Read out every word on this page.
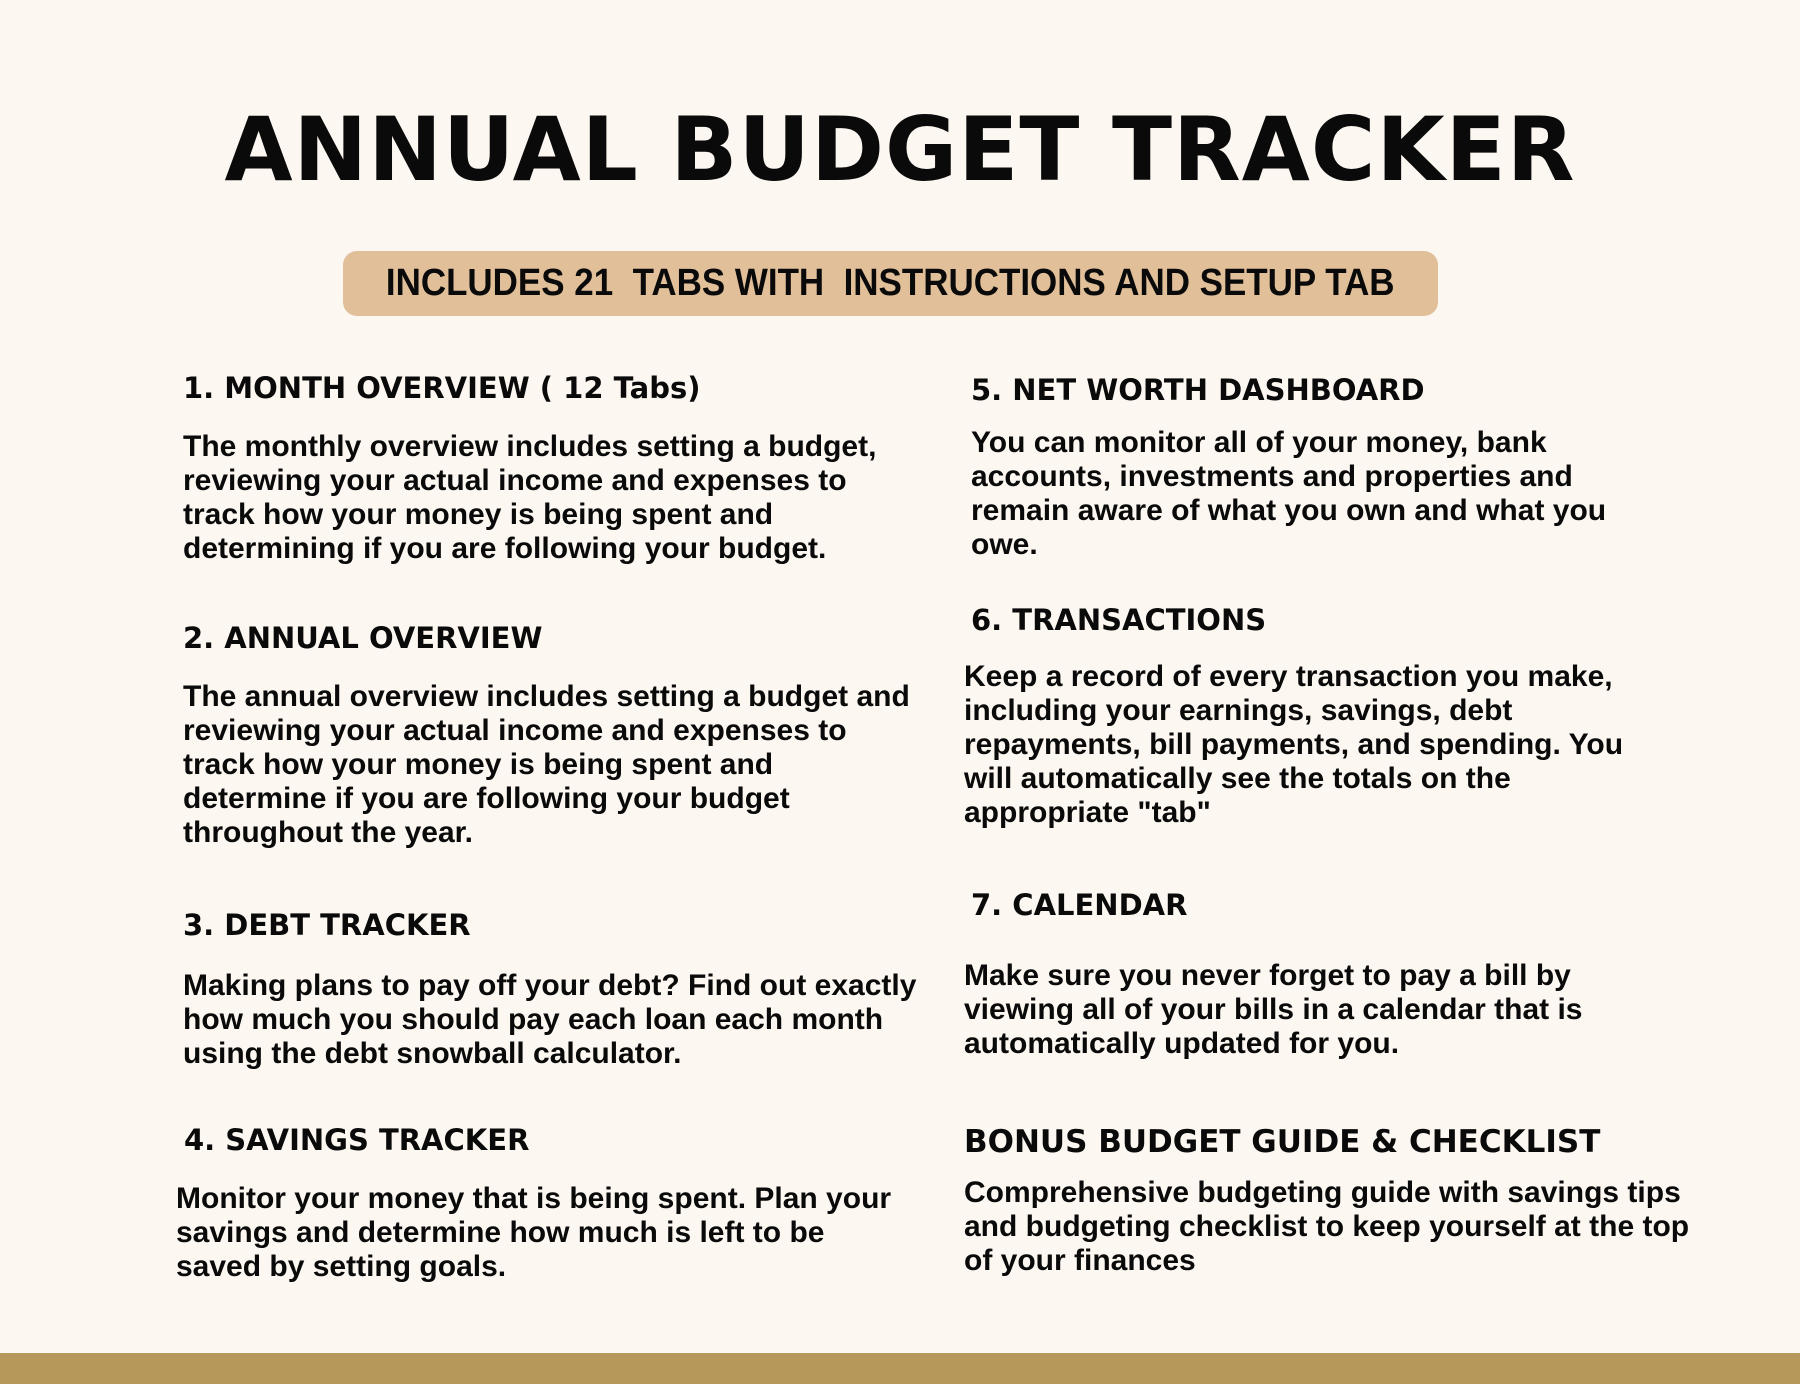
ANNUAL BUDGET TRACKER
INCLUDES 21  TABS WITH  INSTRUCTIONS AND SETUP TAB
1. MONTH OVERVIEW ( 12 Tabs)

The monthly overview includes setting a budget, reviewing your actual income and expenses to track how your money is being spent and determining if you are following your budget.

2. ANNUAL OVERVIEW

The annual overview includes setting a budget and reviewing your actual income and expenses to track how your money is being spent and determine if you are following your budget throughout the year.

3. DEBT TRACKER

Making plans to pay off your debt? Find out exactly how much you should pay each loan each month using the debt snowball calculator.

4. SAVINGS TRACKER

Monitor your money that is being spent. Plan your savings and determine how much is left to be saved by setting goals.

5. NET WORTH DASHBOARD

You can monitor all of your money, bank accounts, investments and properties and remain aware of what you own and what you owe.

6. TRANSACTIONS

Keep a record of every transaction you make, including your earnings, savings, debt repayments, bill payments, and spending. You will automatically see the totals on the appropriate "tab"

7. CALENDAR

Make sure you never forget to pay a bill by viewing all of your bills in a calendar that is automatically updated for you.

BONUS BUDGET GUIDE & CHECKLIST

Comprehensive budgeting guide with savings tips and budgeting checklist to keep yourself at the top of your finances
